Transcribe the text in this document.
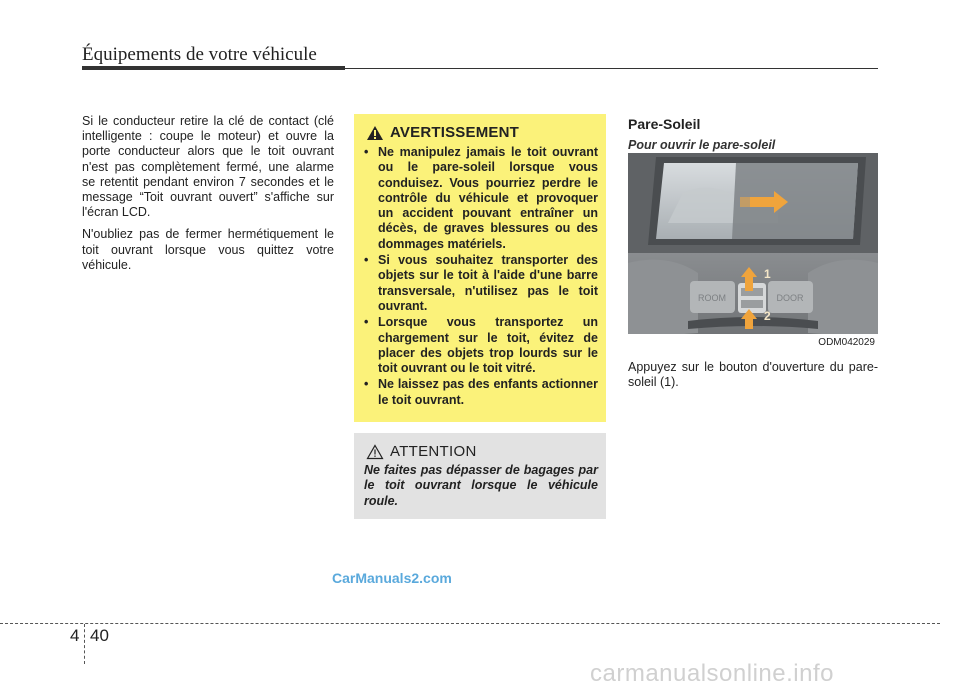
Équipements de votre véhicule

Si le conducteur retire la clé de contact (clé intelligente : coupe le moteur) et ouvre la porte conducteur alors que le toit ouvrant n'est pas complètement fermé, une alarme se retentit pendant environ 7 secondes et le message “Toit ouvrant ouvert” s'affiche sur l'écran LCD.

N'oubliez pas de fermer hermétiquement le toit ouvrant lorsque vous quittez votre véhicule.

AVERTISSEMENT
• Ne manipulez jamais le toit ouvrant ou le pare-soleil lorsque vous conduisez. Vous pourriez perdre le contrôle du véhicule et provoquer un accident pouvant entraîner un décès, de graves blessures ou des dommages matériels.
• Si vous souhaitez transporter des objets sur le toit à l'aide d'une barre transversale, n'utilisez pas le toit ouvrant.
• Lorsque vous transportez un chargement sur le toit, évitez de placer des objets trop lourds sur le toit ouvrant ou le toit vitré.
• Ne laissez pas des enfants actionner le toit ouvrant.
ATTENTION
Ne faites pas dépasser de bagages par le toit ouvrant lorsque le véhicule roule.
Pare-Soleil
Pour ouvrir le pare-soleil
ROOM	DOOR
1
2
ODM042029
Appuyez sur le bouton d'ouverture du pare-soleil (1).
CarManuals2.com
4 40
carmanualsonline.info
